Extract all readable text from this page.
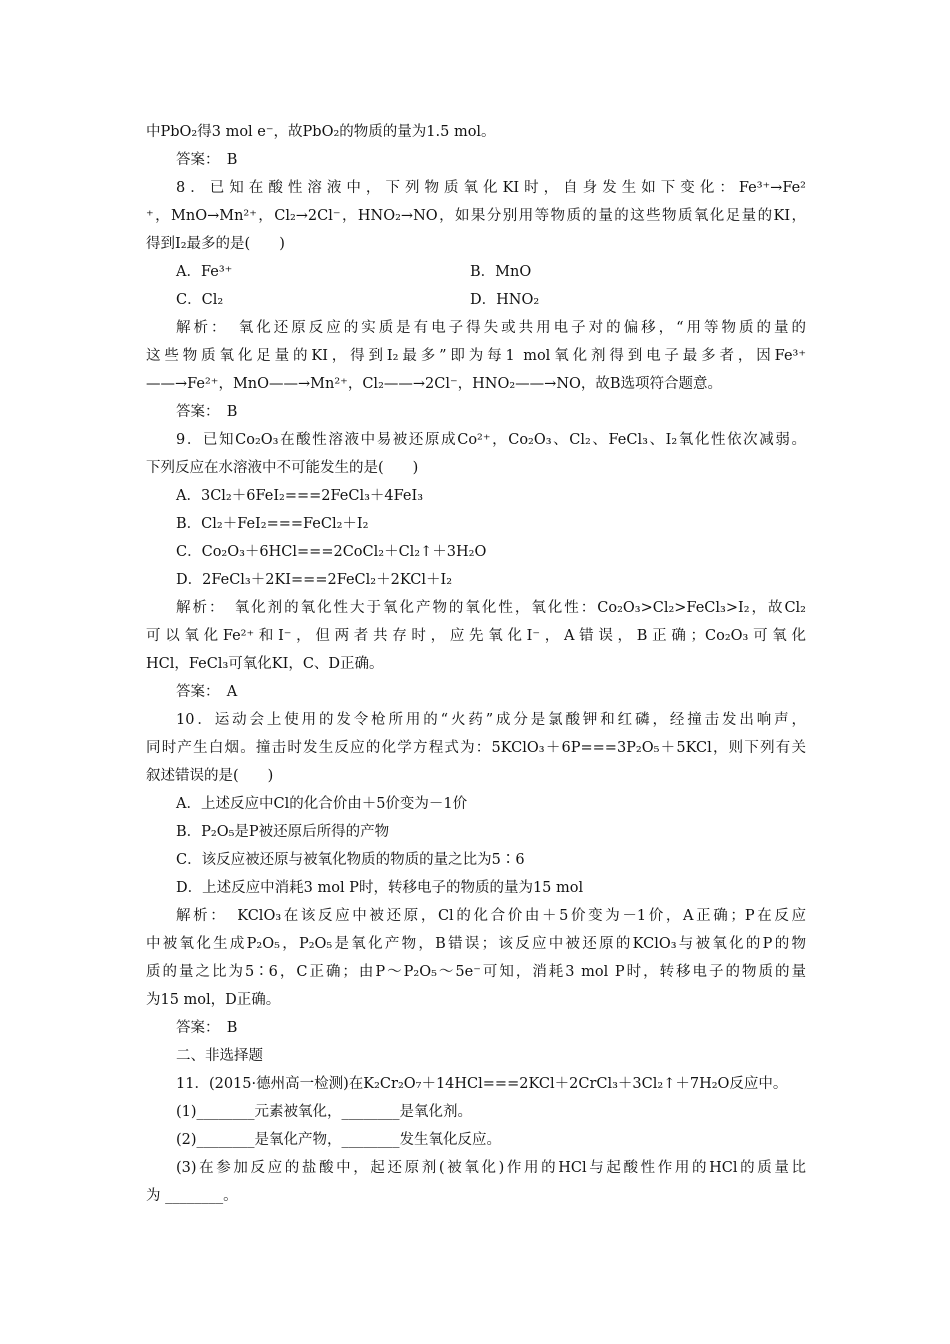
中PbO₂得3 mol e⁻，故PbO₂的物质的量为1.5 mol。
答案：　B
8．已知在酸性溶液中，下列物质氧化KI时，自身发生如下变化：Fe³⁺→Fe²
⁺，MnO→Mn²⁺，Cl₂→2Cl⁻，HNO₂→NO，如果分别用等物质的量的这些物质氧化足量的KI，
得到I₂最多的是(　　)
A．Fe³⁺	B．MnO
C．Cl₂	D．HNO₂
解析：　氧化还原反应的实质是有电子得失或共用电子对的偏移，“用等物质的量的
这些物质氧化足量的KI，得到I₂最多”即为每1 mol氧化剂得到电子最多者，因Fe³⁺
——→Fe²⁺，MnO——→Mn²⁺，Cl₂——→2Cl⁻，HNO₂——→NO，故B选项符合题意。
答案：　B
9．已知Co₂O₃在酸性溶液中易被还原成Co²⁺，Co₂O₃、Cl₂、FeCl₃、I₂氧化性依次减弱。
下列反应在水溶液中不可能发生的是(　　)
A．3Cl₂＋6FeI₂===2FeCl₃＋4FeI₃
B．Cl₂＋FeI₂===FeCl₂＋I₂
C．Co₂O₃＋6HCl===2CoCl₂＋Cl₂↑＋3H₂O
D．2FeCl₃＋2KI===2FeCl₂＋2KCl＋I₂
解析：　氧化剂的氧化性大于氧化产物的氧化性，氧化性：Co₂O₃>Cl₂>FeCl₃>I₂，故Cl₂
可以氧化Fe²⁺和I⁻，但两者共存时，应先氧化I⁻，A错误，B正确；Co₂O₃可氧化
HCl，FeCl₃可氧化KI，C、D正确。
答案：　A
10．运动会上使用的发令枪所用的“火药”成分是氯酸钾和红磷，经撞击发出响声，
同时产生白烟。撞击时发生反应的化学方程式为：5KClO₃＋6P===3P₂O₅＋5KCl，则下列有关
叙述错误的是(　　)
A．上述反应中Cl的化合价由＋5价变为－1价
B．P₂O₅是P被还原后所得的产物
C．该反应被还原与被氧化物质的物质的量之比为5∶6
D．上述反应中消耗3 mol P时，转移电子的物质的量为15 mol
解析：　KClO₃在该反应中被还原，Cl的化合价由＋5价变为－1价，A正确；P在反应
中被氧化生成P₂O₅，P₂O₅是氧化产物，B错误；该反应中被还原的KClO₃与被氧化的P的物
质的量之比为5∶6，C正确；由P～P₂O₅～5e⁻可知，消耗3 mol P时，转移电子的物质的量
为15 mol，D正确。
答案：　B
二、非选择题
11．(2015·德州高一检测)在K₂Cr₂O₇＋14HCl===2KCl＋2CrCl₃＋3Cl₂↑＋7H₂O反应中。
(1)________元素被氧化，________是氧化剂。
(2)________是氧化产物，________发生氧化反应。
(3)在参加反应的盐酸中，起还原剂(被氧化)作用的HCl与起酸性作用的HCl的质量比
为 ________。
